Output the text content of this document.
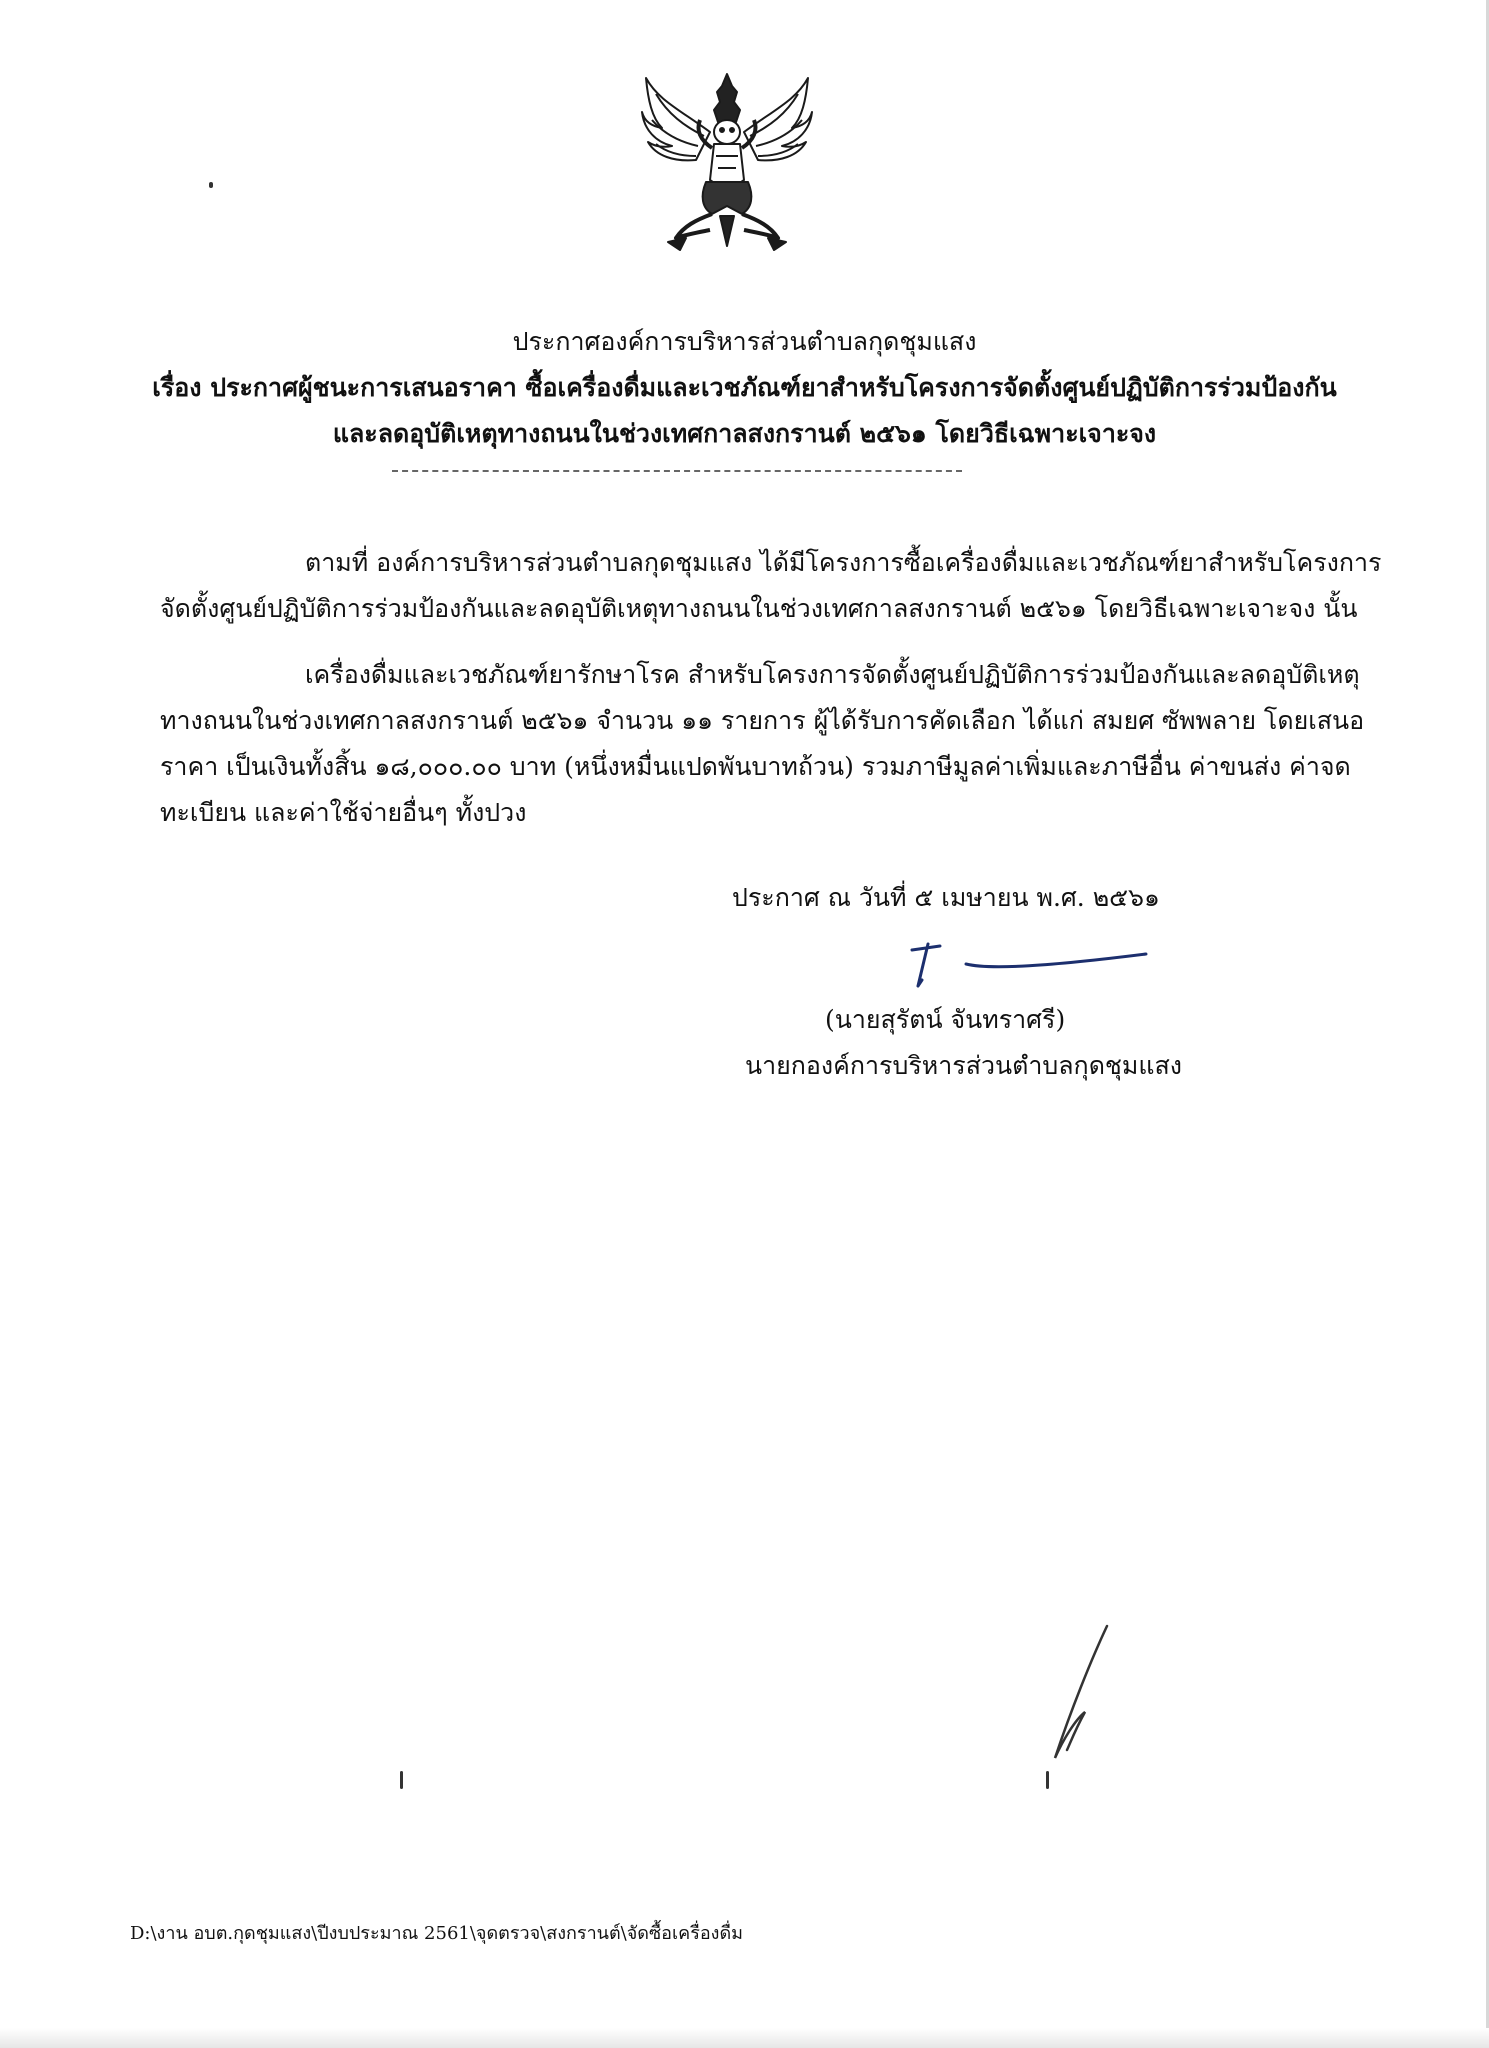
ประกาศองค์การบริหารส่วนตำบลกุดชุมแสง
เรื่อง ประกาศผู้ชนะการเสนอราคา ซื้อเครื่องดื่มและเวชภัณฑ์ยาสำหรับโครงการจัดตั้งศูนย์ปฏิบัติการร่วมป้องกัน
และลดอุบัติเหตุทางถนนในช่วงเทศกาลสงกรานต์ ๒๕๖๑ โดยวิธีเฉพาะเจาะจง
ตามที่ องค์การบริหารส่วนตำบลกุดชุมแสง ได้มีโครงการซื้อเครื่องดื่มและเวชภัณฑ์ยาสำหรับโครงการ
จัดตั้งศูนย์ปฏิบัติการร่วมป้องกันและลดอุบัติเหตุทางถนนในช่วงเทศกาลสงกรานต์ ๒๕๖๑ โดยวิธีเฉพาะเจาะจง นั้น
เครื่องดื่มและเวชภัณฑ์ยารักษาโรค สำหรับโครงการจัดตั้งศูนย์ปฏิบัติการร่วมป้องกันและลดอุบัติเหตุ
ทางถนนในช่วงเทศกาลสงกรานต์ ๒๕๖๑ จำนวน ๑๑ รายการ ผู้ได้รับการคัดเลือก ได้แก่ สมยศ ซัพพลาย โดยเสนอ
ราคา เป็นเงินทั้งสิ้น ๑๘,๐๐๐.๐๐ บาท (หนึ่งหมื่นแปดพันบาทถ้วน) รวมภาษีมูลค่าเพิ่มและภาษีอื่น ค่าขนส่ง ค่าจด
ทะเบียน และค่าใช้จ่ายอื่นๆ ทั้งปวง
ประกาศ ณ วันที่ ๕ เมษายน พ.ศ. ๒๕๖๑
(นายสุรัตน์ จันทราศรี)
นายกองค์การบริหารส่วนตำบลกุดชุมแสง
D:\งาน อบต.กุดชุมแสง\ปีงบประมาณ 2561\จุดตรวจ\สงกรานต์\จัดซื้อเครื่องดื่ม
